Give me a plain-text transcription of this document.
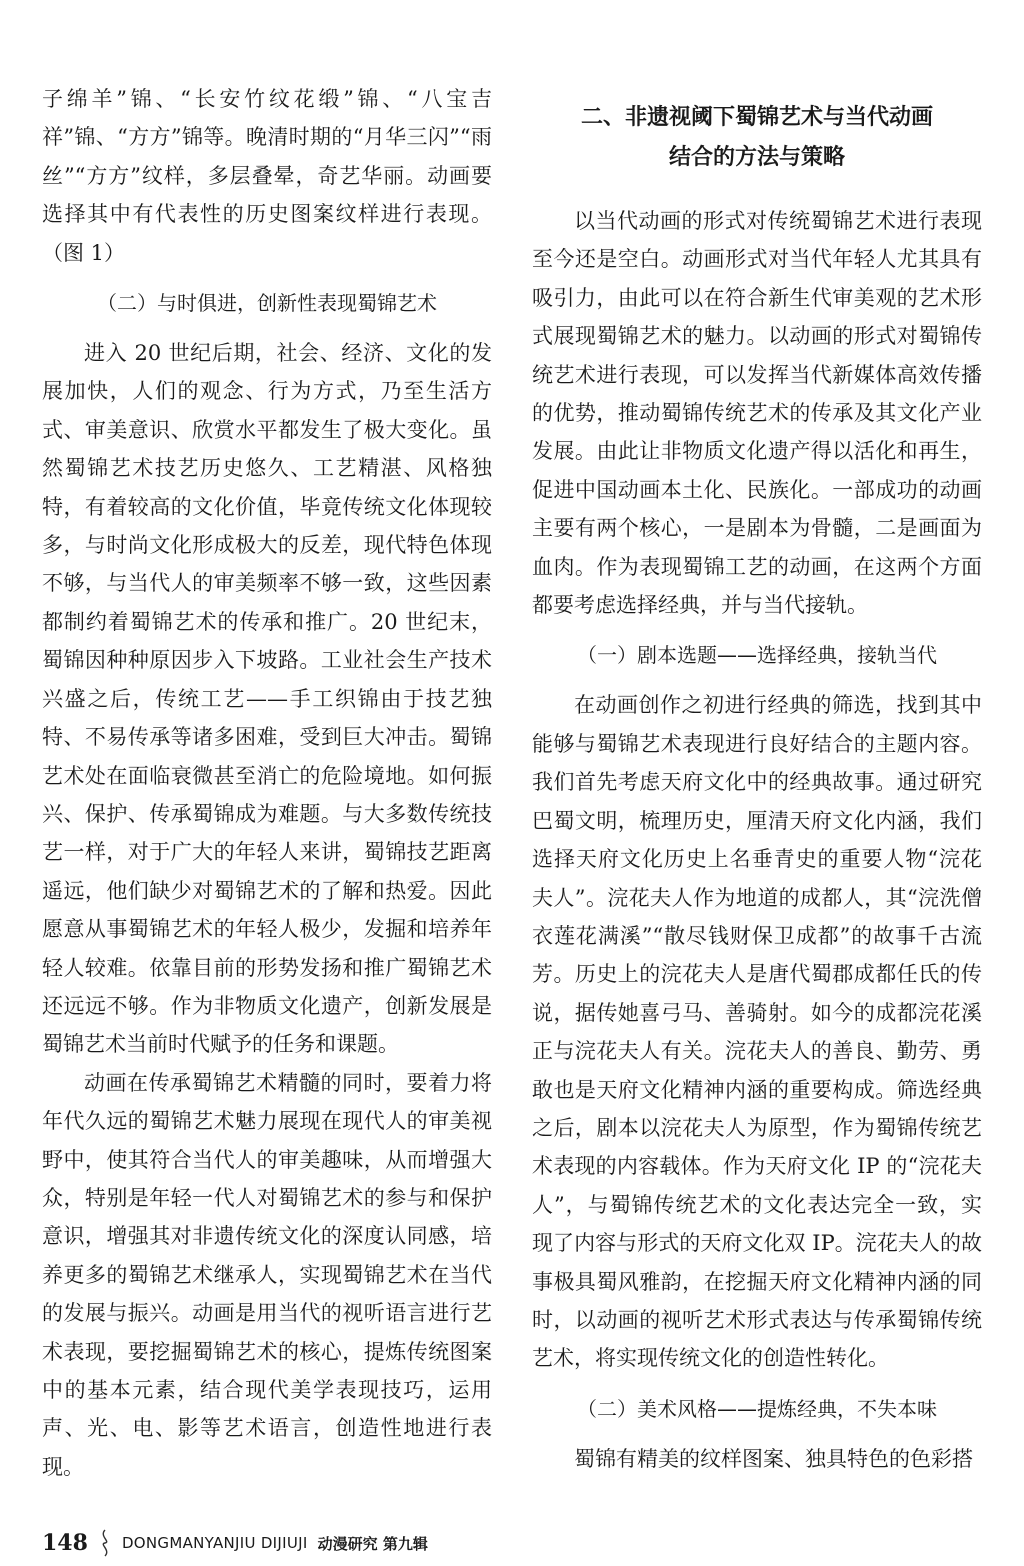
子绵羊”锦、“长安竹纹花缎”锦、“八宝吉祥”锦、“方方”锦等。晚清时期的“月华三闪”“雨丝”“方方”纹样，多层叠晕，奇艺华丽。动画要选择其中有代表性的历史图案纹样进行表现。（图 1）

（二）与时俱进，创新性表现蜀锦艺术

进入 20 世纪后期，社会、经济、文化的发展加快，人们的观念、行为方式，乃至生活方式、审美意识、欣赏水平都发生了极大变化。虽然蜀锦艺术技艺历史悠久、工艺精湛、风格独特，有着较高的文化价值，毕竟传统文化体现较多，与时尚文化形成极大的反差，现代特色体现不够，与当代人的审美频率不够一致，这些因素都制约着蜀锦艺术的传承和推广。20 世纪末，蜀锦因种种原因步入下坡路。工业社会生产技术兴盛之后，传统工艺——手工织锦由于技艺独特、不易传承等诸多困难，受到巨大冲击。蜀锦艺术处在面临衰微甚至消亡的危险境地。如何振兴、保护、传承蜀锦成为难题。与大多数传统技艺一样，对于广大的年轻人来讲，蜀锦技艺距离遥远，他们缺少对蜀锦艺术的了解和热爱。因此愿意从事蜀锦艺术的年轻人极少，发掘和培养年轻人较难。依靠目前的形势发扬和推广蜀锦艺术还远远不够。作为非物质文化遗产，创新发展是蜀锦艺术当前时代赋予的任务和课题。

动画在传承蜀锦艺术精髓的同时，要着力将年代久远的蜀锦艺术魅力展现在现代人的审美视野中，使其符合当代人的审美趣味，从而增强大众，特别是年轻一代人对蜀锦艺术的参与和保护意识，增强其对非遗传统文化的深度认同感，培养更多的蜀锦艺术继承人，实现蜀锦艺术在当代的发展与振兴。动画是用当代的视听语言进行艺术表现，要挖掘蜀锦艺术的核心，提炼传统图案中的基本元素，结合现代美学表现技巧，运用声、光、电、影等艺术语言，创造性地进行表现。

二、非遗视阈下蜀锦艺术与当代动画
结合的方法与策略

以当代动画的形式对传统蜀锦艺术进行表现至今还是空白。动画形式对当代年轻人尤其具有吸引力，由此可以在符合新生代审美观的艺术形式展现蜀锦艺术的魅力。以动画的形式对蜀锦传统艺术进行表现，可以发挥当代新媒体高效传播的优势，推动蜀锦传统艺术的传承及其文化产业发展。由此让非物质文化遗产得以活化和再生，促进中国动画本土化、民族化。一部成功的动画主要有两个核心，一是剧本为骨髓，二是画面为血肉。作为表现蜀锦工艺的动画，在这两个方面都要考虑选择经典，并与当代接轨。

（一）剧本选题——选择经典，接轨当代

在动画创作之初进行经典的筛选，找到其中能够与蜀锦艺术表现进行良好结合的主题内容。我们首先考虑天府文化中的经典故事。通过研究巴蜀文明，梳理历史，厘清天府文化内涵，我们选择天府文化历史上名垂青史的重要人物“浣花夫人”。浣花夫人作为地道的成都人，其“浣洗僧衣莲花满溪”“散尽钱财保卫成都”的故事千古流芳。历史上的浣花夫人是唐代蜀郡成都任氏的传说，据传她喜弓马、善骑射。如今的成都浣花溪正与浣花夫人有关。浣花夫人的善良、勤劳、勇敢也是天府文化精神内涵的重要构成。筛选经典之后，剧本以浣花夫人为原型，作为蜀锦传统艺术表现的内容载体。作为天府文化 IP 的“浣花夫人”，与蜀锦传统艺术的文化表达完全一致，实现了内容与形式的天府文化双 IP。浣花夫人的故事极具蜀风雅韵，在挖掘天府文化精神内涵的同时，以动画的视听艺术形式表达与传承蜀锦传统艺术，将实现传统文化的创造性转化。

（二）美术风格——提炼经典，不失本味

蜀锦有精美的纹样图案、独具特色的色彩搭

148 DONGMANYANJIU DIJIUJI 动漫研究 第九辑
